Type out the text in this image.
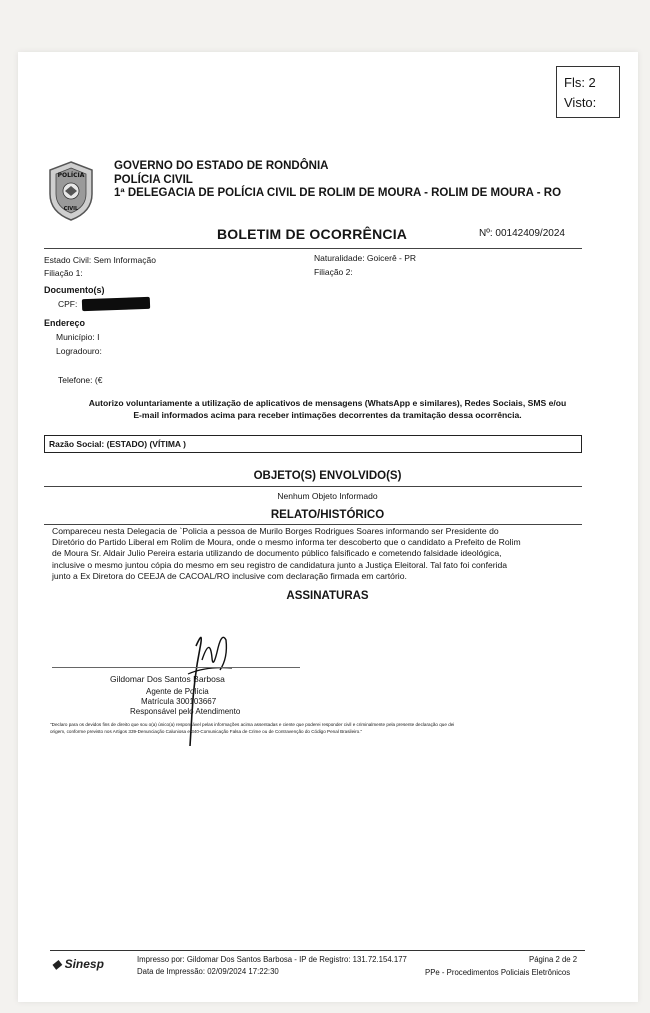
Fls: 2
Visto:
POLÍCIA
CIVIL
GOVERNO DO ESTADO DE RONDÔNIA
POLÍCIA CIVIL
1ª DELEGACIA DE POLÍCIA CIVIL DE ROLIM DE MOURA - ROLIM DE MOURA - RO
BOLETIM DE OCORRÊNCIA	Nº: 00142409/2024
Estado Civil: Sem Informação	Naturalidade: Goicerê - PR
Filiação 1:	Filiação 2:
Documento(s)
CPF:
Endereço
Município: I
Logradouro:
Telefone: (€
Autorizo voluntariamente a utilização de aplicativos de mensagens (WhatsApp e similares), Redes Sociais, SMS e/ou
E-mail informados acima para receber intimações decorrentes da tramitação dessa ocorrência.
Razão Social: (ESTADO) (VÍTIMA )
OBJETO(S) ENVOLVIDO(S)
Nenhum Objeto Informado
RELATO/HISTÓRICO
Compareceu nesta Delegacia de `Policia a pessoa de Murilo Borges Rodrigues Soares informando ser Presidente do
Diretório do Partido Liberal em Rolim de Moura, onde o mesmo informa ter descoberto que o candidato a Prefeito de Rolim
de Moura Sr. Aldair Julio Pereira estaria utilizando de documento público falsificado e cometendo falsidade ideológica,
inclusive o mesmo juntou cópia do mesmo em seu registro de candidatura junto a Justiça Eleitoral. Tal fato foi conferida
junto a Ex Diretora do CEEJA de CACOAL/RO inclusive com declaração firmada em cartório.
ASSINATURAS
Gildomar Dos Santos Barbosa
Agente de Polícia
Matrícula 300103667
Responsável pelo Atendimento
"Declaro para os devidos fins de direito que sou o(a) único(a) responsável pelas informações acima assentadas e ciente que poderei responder civil e criminalmente pela presente declaração que dei
origem, conforme previsto nos Artigos 339-Denunciação Caluniosa e 340-Comunicação Falsa de Crime ou de Contravenção do Código Penal Brasileiro."
◆ Sinesp	Impresso por: Gildomar Dos Santos Barbosa - IP de Registro: 131.72.154.177
Data de Impressão: 02/09/2024 17:22:30
Página 2 de 2
PPe - Procedimentos Policiais Eletrônicos
